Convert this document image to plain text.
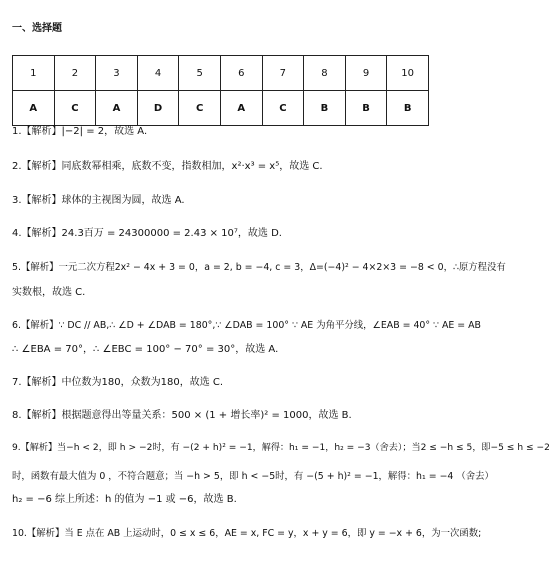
一、选择题
1	2	3	4	5	6	7	8	9	10
A	C	A	D	C	A	C	B	B	B
1.【解析】|−2| = 2，故选 A.
2.【解析】同底数幂相乘，底数不变，指数相加，x²·x³ = x⁵，故选 C.
3.【解析】球体的主视图为圆，故选 A.
4.【解析】24.3百万 = 24300000 = 2.43 × 10⁷，故选 D.
5.【解析】一元二次方程2x² − 4x + 3 = 0，a = 2, b = −4, c = 3，Δ=(−4)² − 4×2×3 = −8 < 0，∴原方程没有
实数根，故选 C.
6.【解析】∵ DC // AB,∴ ∠D + ∠DAB = 180°,∵ ∠DAB = 100° ∵ AE 为角平分线，∠EAB = 40° ∵ AE = AB
∴ ∠EBA = 70°，∴ ∠EBC = 100° − 70° = 30°，故选 A.
7.【解析】中位数为180，众数为180，故选 C.
8.【解析】根据题意得出等量关系：500 × (1 + 增长率)² = 1000，故选 B.
9.【解析】当−h < 2，即 h > −2时，有 −(2 + h)² = −1，解得：h₁ = −1，h₂ = −3（舍去）；当2 ≤ −h ≤ 5，即−5 ≤ h ≤ −2
时，函数有最大值为 0 ，不符合题意；当 −h > 5，即 h < −5时，有 −(5 + h)² = −1，解得：h₁ = −4 （舍去）
h₂ = −6 综上所述：h 的值为 −1 或 −6，故选 B.
10.【解析】当 E 点在 AB 上运动时，0 ≤ x ≤ 6，AE = x, FC = y，x + y = 6，即 y = −x + 6，为一次函数;
